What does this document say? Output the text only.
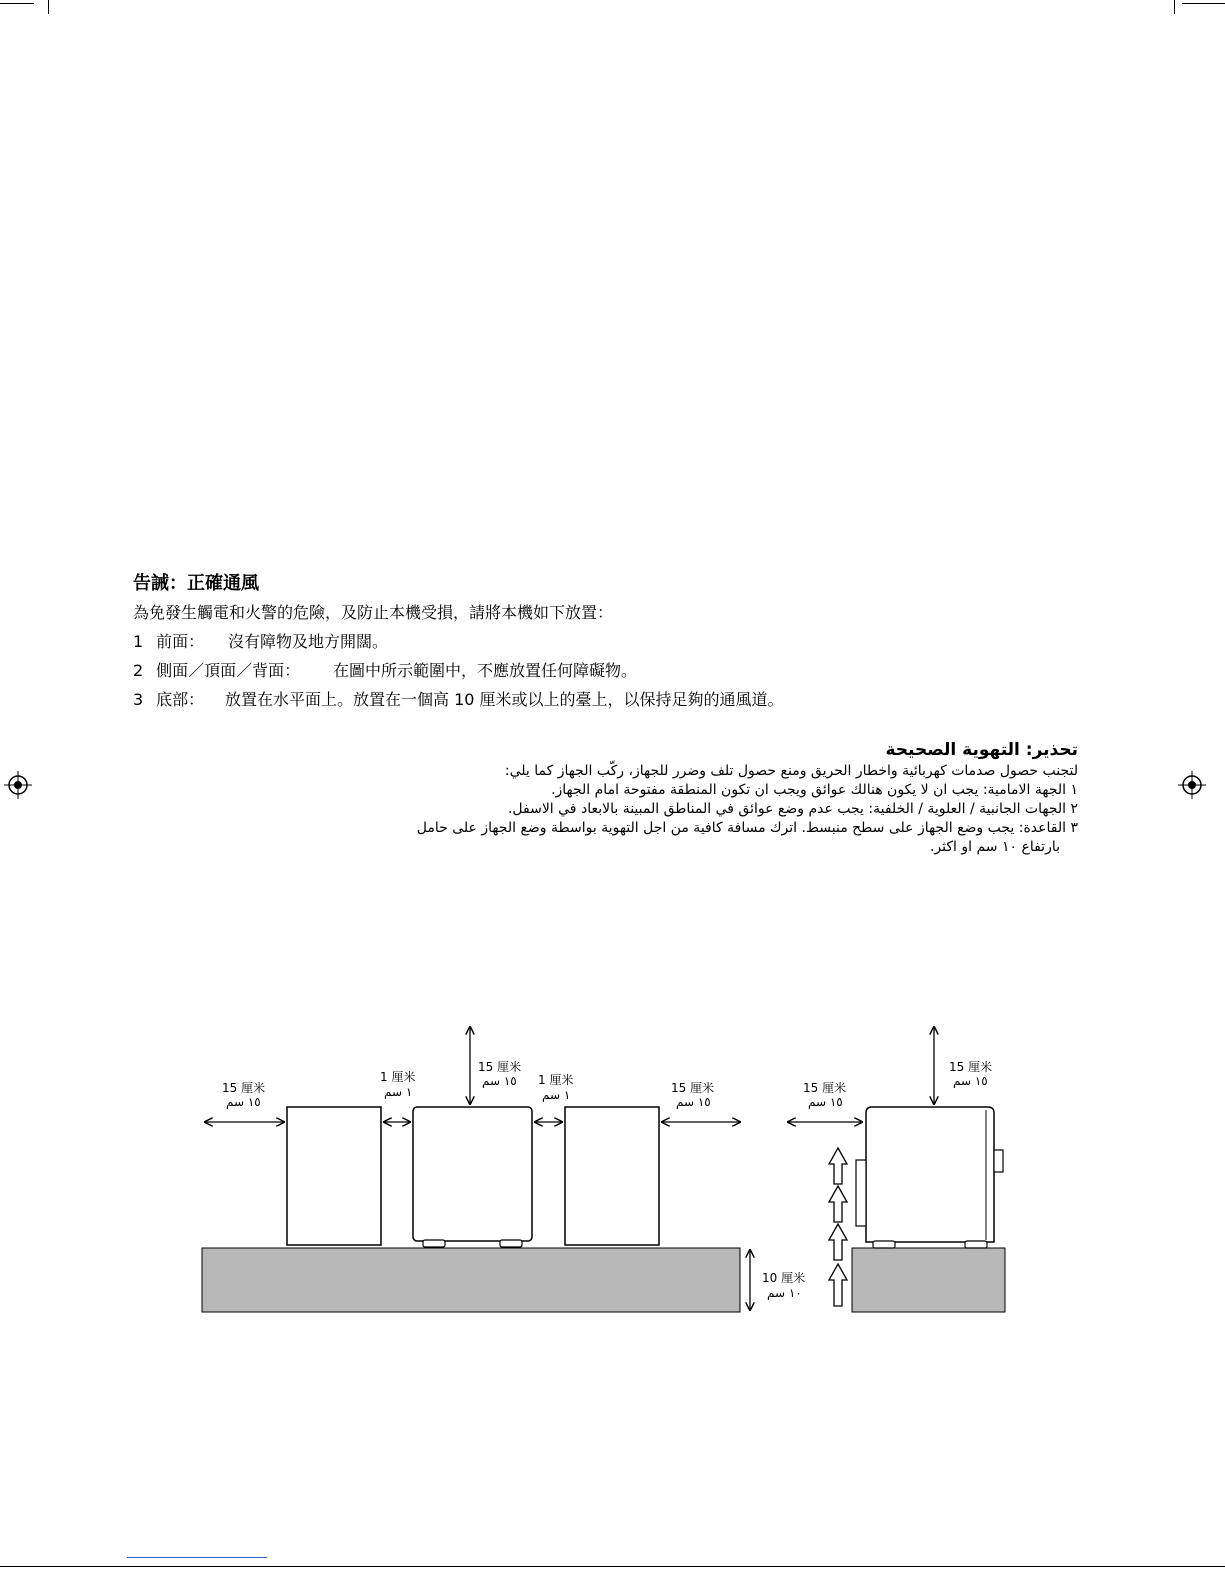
告誡：正確通風
為免發生觸電和火警的危險，及防止本機受損，請將本機如下放置：
1 前面： 沒有障物及地方開闊。
2 側面／頂面／背面： 在圖中所示範圍中，不應放置任何障礙物。
3 底部： 放置在水平面上。放置在一個高 10 厘米或以上的臺上，以保持足夠的通風道。
تحذير: التهوية الصحيحة
لتجنب حصول صدمات كهربائية واخطار الحريق ومنع حصول تلف وضرر للجهاز، ركّب الجهاز كما يلي:
١ الجهة الامامية: يجب ان لا يكون هنالك عوائق ويجب ان تكون المنطقة مفتوحة امام الجهاز.
٢ الجهات الجانبية / العلوية / الخلفية: يجب عدم وضع عوائق في المناطق المبينة بالابعاد في الاسفل.
٣ القاعدة: يجب وضع الجهاز على سطح منبسط. اترك مسافة كافية من اجل التهوية بواسطة وضع الجهاز على حامل
بارتفاع ١٠ سم او اكثر.
15 厘米
١٥ سم
1 厘米
١ سم
15 厘米
١٥ سم 1 厘米
١ سم	15 厘米
١٥ سم
15 厘米
١٥ سم
15 厘米
١٥ سم
10 厘米
١٠ سم
